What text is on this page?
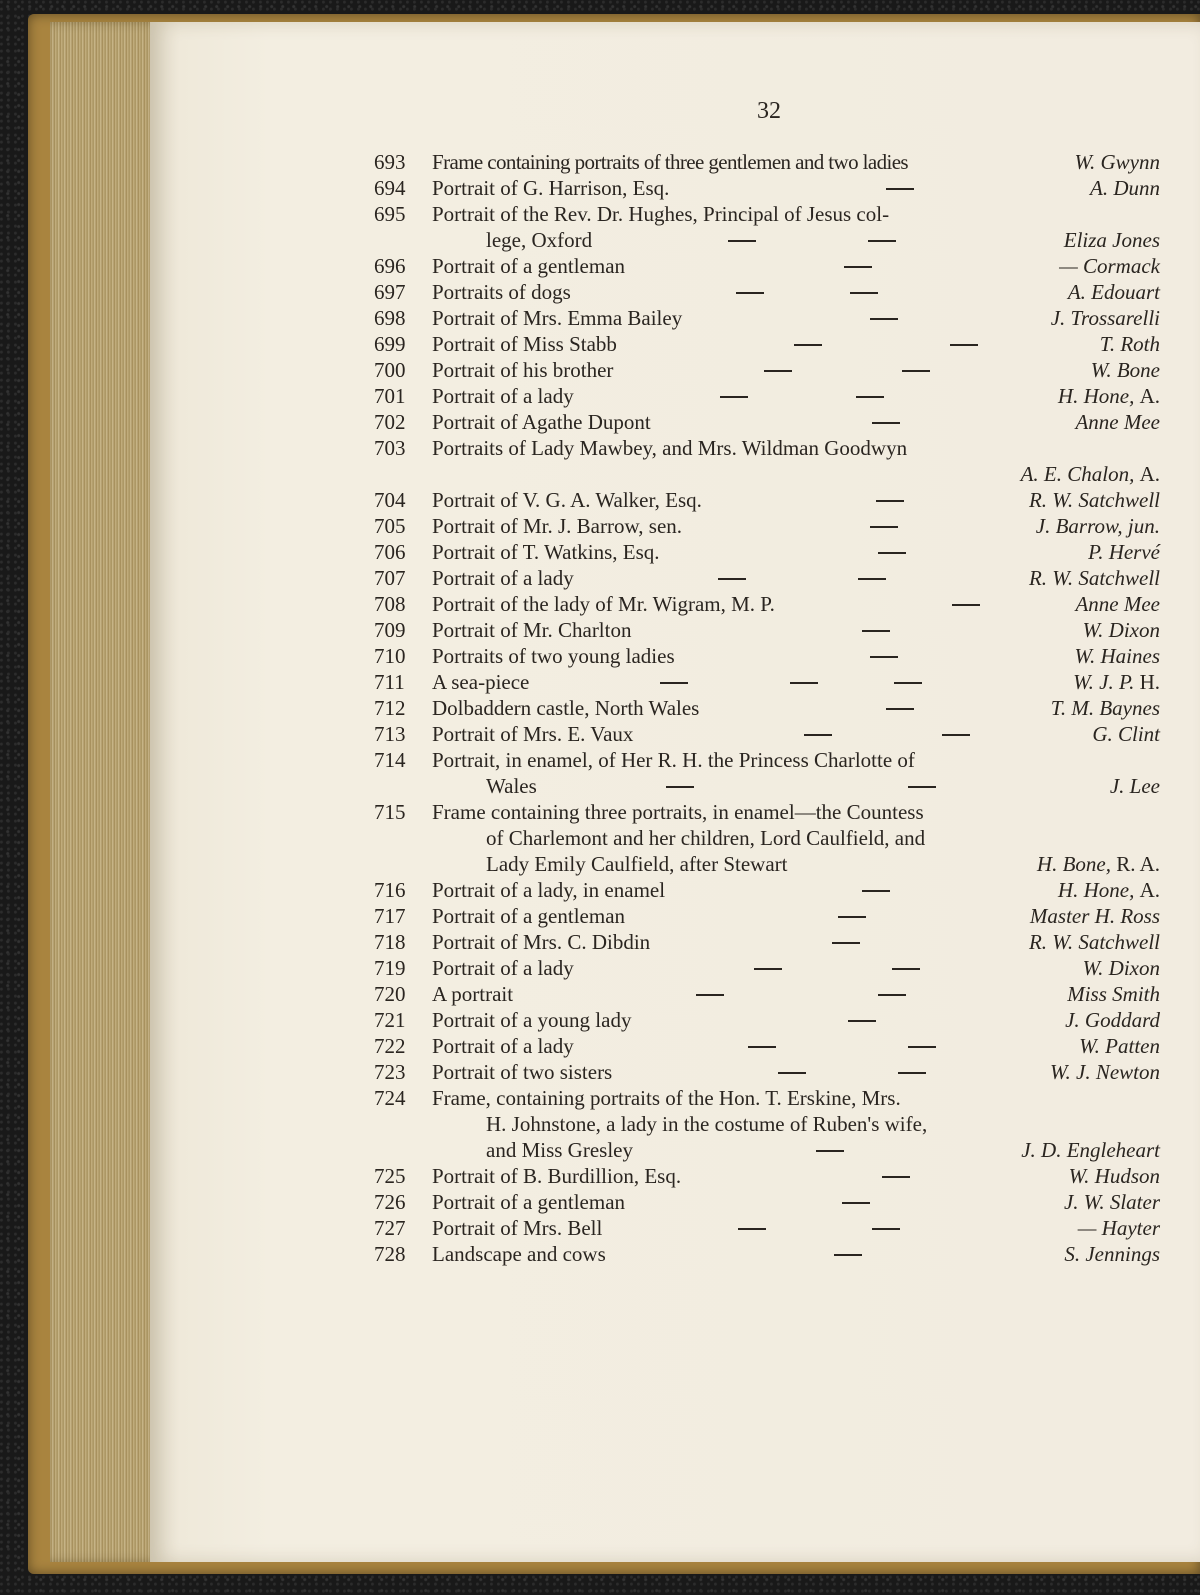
32
693	Frame containing portraits of three gentlemen and two ladies	W. Gwynn
694	Portrait of G. Harrison, Esq.	A. Dunn
695	Portrait of the Rev. Dr. Hughes, Principal of Jesus col-
lege, Oxford	Eliza Jones
696	Portrait of a gentleman	— Cormack
697	Portraits of dogs	A. Edouart
698	Portrait of Mrs. Emma Bailey	J. Trossarelli
699	Portrait of Miss Stabb	T. Roth
700	Portrait of his brother	W. Bone
701	Portrait of a lady	H. Hone, A.
702	Portrait of Agathe Dupont	Anne Mee
703	Portraits of Lady Mawbey, and Mrs. Wildman Goodwyn
A. E. Chalon, A.
704	Portrait of V. G. A. Walker, Esq.	R. W. Satchwell
705	Portrait of Mr. J. Barrow, sen.	J. Barrow, jun.
706	Portrait of T. Watkins, Esq.	P. Hervé
707	Portrait of a lady	R. W. Satchwell
708	Portrait of the lady of Mr. Wigram, M. P.	Anne Mee
709	Portrait of Mr. Charlton	W. Dixon
710	Portraits of two young ladies	W. Haines
711	A sea-piece	W. J. P. H.
712	Dolbaddern castle, North Wales	T. M. Baynes
713	Portrait of Mrs. E. Vaux	G. Clint
714	Portrait, in enamel, of Her R. H. the Princess Charlotte of
Wales	J. Lee
715	Frame containing three portraits, in enamel—the Countess
of Charlemont and her children, Lord Caulfield, and
Lady Emily Caulfield, after Stewart	H. Bone, R. A.
716	Portrait of a lady, in enamel	H. Hone, A.
717	Portrait of a gentleman	Master H. Ross
718	Portrait of Mrs. C. Dibdin	R. W. Satchwell
719	Portrait of a lady	W. Dixon
720	A portrait	Miss Smith
721	Portrait of a young lady	J. Goddard
722	Portrait of a lady	W. Patten
723	Portrait of two sisters	W. J. Newton
724	Frame, containing portraits of the Hon. T. Erskine, Mrs.
H. Johnstone, a lady in the costume of Ruben's wife,
and Miss Gresley	J. D. Engleheart
725	Portrait of B. Burdillion, Esq.	W. Hudson
726	Portrait of a gentleman	J. W. Slater
727	Portrait of Mrs. Bell	— Hayter
728	Landscape and cows	S. Jennings
